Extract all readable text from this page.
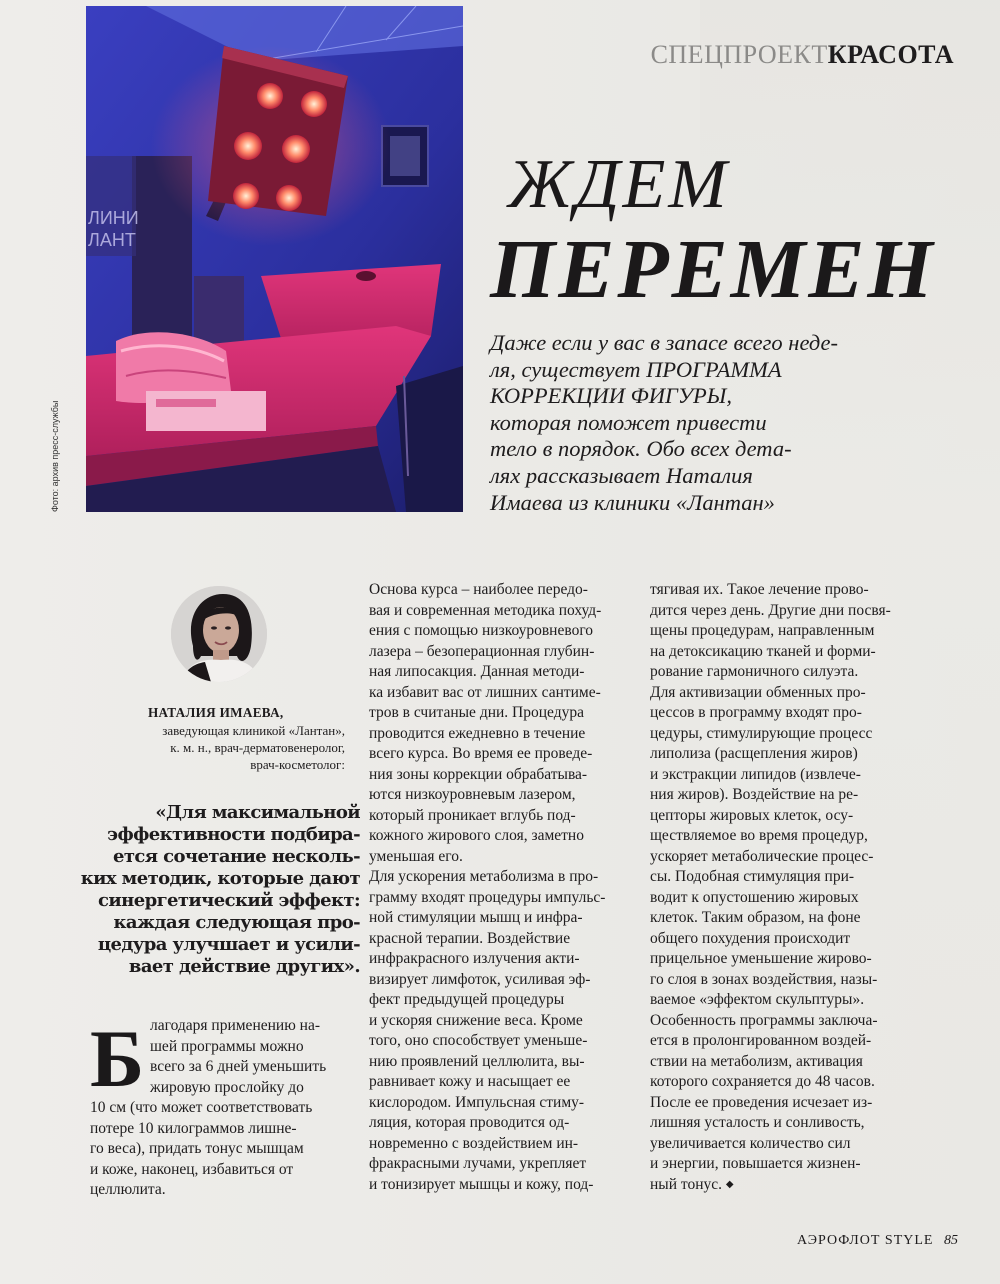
ЛИНИ
ЛАНТ
Фото: архив пресс-службы
СПЕЦПРОЕКТКРАСОТА
ЖДЕМ
ПЕРЕМЕН

Даже если у вас в запасе всего неде-
ля, существует ПРОГРАММА
КОРРЕКЦИИ ФИГУРЫ,
которая поможет привести
тело в порядок. Обо всех дета-
лях рассказывает Наталия
Имаева из клиники «Лантан»

НАТАЛИЯ ИМАЕВА,

заведующая клиникой «Лантан»,
к. м. н., врач-дерматовенеролог,
врач-косметолог:

«Для максимальной
эффективности подбира-
ется сочетание несколь-
ких методик, которые дают
синергетический эффект:
каждая следующая про-
цедура улучшает и усили-
вает действие других».

Б лагодаря применению на-
шей программы можно
всего за 6 дней уменьшить
жировую прослойку до
10 см (что может соответствовать
потере 10 килограммов лишне-
го веса), придать тонус мышцам
и коже, наконец, избавиться от
целлюлита.
Основа курса – наиболее передо-
вая и современная методика похуд-
ения с помощью низкоуровневого
лазера – безоперационная глубин-
ная липосакция. Данная методи-
ка избавит вас от лишних сантиме-
тров в считаные дни. Процедура
проводится ежедневно в течение
всего курса. Во время ее проведе-
ния зоны коррекции обрабатыва-
ются низкоуровневым лазером,
который проникает вглубь под-
кожного жирового слоя, заметно
уменьшая его.
Для ускорения метаболизма в про-
грамму входят процедуры импульс-
ной стимуляции мышц и инфра-
красной терапии. Воздействие
инфракрасного излучения акти-
визирует лимфоток, усиливая эф-
фект предыдущей процедуры
и ускоряя снижение веса. Кроме
того, оно способствует уменьше-
нию проявлений целлюлита, вы-
равнивает кожу и насыщает ее
кислородом. Импульсная стиму-
ляция, которая проводится од-
новременно с воздействием ин-
фракрасными лучами, укрепляет
и тонизирует мышцы и кожу, под-
тягивая их. Такое лечение прово-
дится через день. Другие дни посвя-
щены процедурам, направленным
на детоксикацию тканей и форми-
рование гармоничного силуэта.
Для активизации обменных про-
цессов в программу входят про-
цедуры, стимулирующие процесс
липолиза (расщепления жиров)
и экстракции липидов (извлече-
ния жиров). Воздействие на ре-
цепторы жировых клеток, осу-
ществляемое во время процедур,
ускоряет метаболические процес-
сы. Подобная стимуляция при-
водит к опустошению жировых
клеток. Таким образом, на фоне
общего похудения происходит
прицельное уменьшение жирово-
го слоя в зонах воздействия, назы-
ваемое «эффектом скульптуры».
Особенность программы заключа-
ется в пролонгированном воздей-
ствии на метаболизм, активация
которого сохраняется до 48 часов.
После ее проведения исчезает из-
лишняя усталость и сонливость,
увеличивается количество сил
и энергии, повышается жизнен-
ный тонус. ◆
АЭРОФЛОТ STYLE 85
